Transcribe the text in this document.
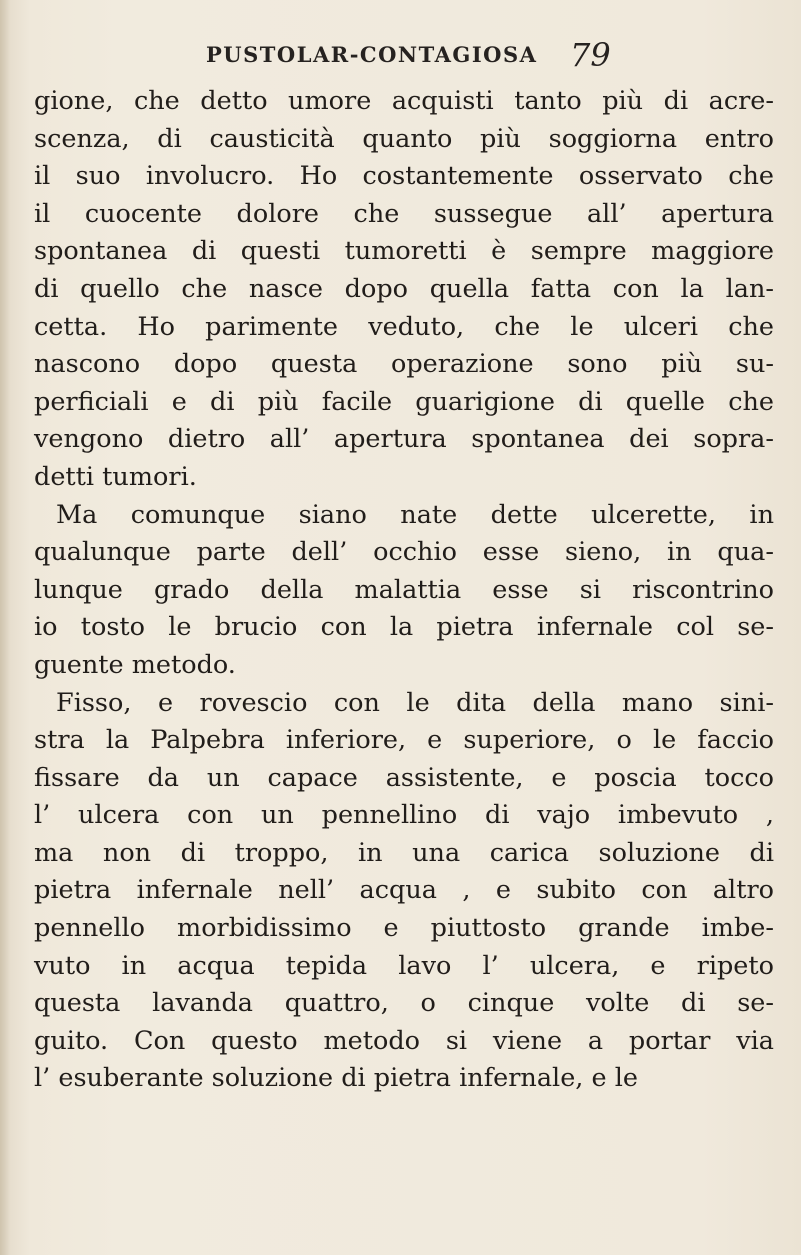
PUSTOLAR-CONTAGIOSA 79
gione, che detto umore acquisti tanto più di acre-
scenza, di causticità quanto più soggiorna entro
il suo involucro. Ho costantemente osservato che
il cuocente dolore che sussegue all’ apertura
spontanea di questi tumoretti è sempre maggiore
di quello che nasce dopo quella fatta con la lan-
cetta. Ho parimente veduto, che le ulceri che
nascono dopo questa operazione sono più su-
perficiali e di più facile guarigione di quelle che
vengono dietro all’ apertura spontanea dei sopra-
detti tumori.
Ma comunque siano nate dette ulcerette, in
qualunque parte dell’ occhio esse sieno, in qua-
lunque grado della malattia esse si riscontrino
io tosto le brucio con la pietra infernale col se-
guente metodo.
Fisso, e rovescio con le dita della mano sini-
stra la Palpebra inferiore, e superiore, o le faccio
fissare da un capace assistente, e poscia tocco
l’ ulcera con un pennellino di vajo imbevuto ,
ma non di troppo, in una carica soluzione di
pietra infernale nell’ acqua , e subito con altro
pennello morbidissimo e piuttosto grande imbe-
vuto in acqua tepida lavo l’ ulcera, e ripeto
questa lavanda quattro, o cinque volte di se-
guito. Con questo metodo si viene a portar via
l’ esuberante soluzione di pietra infernale, e le
